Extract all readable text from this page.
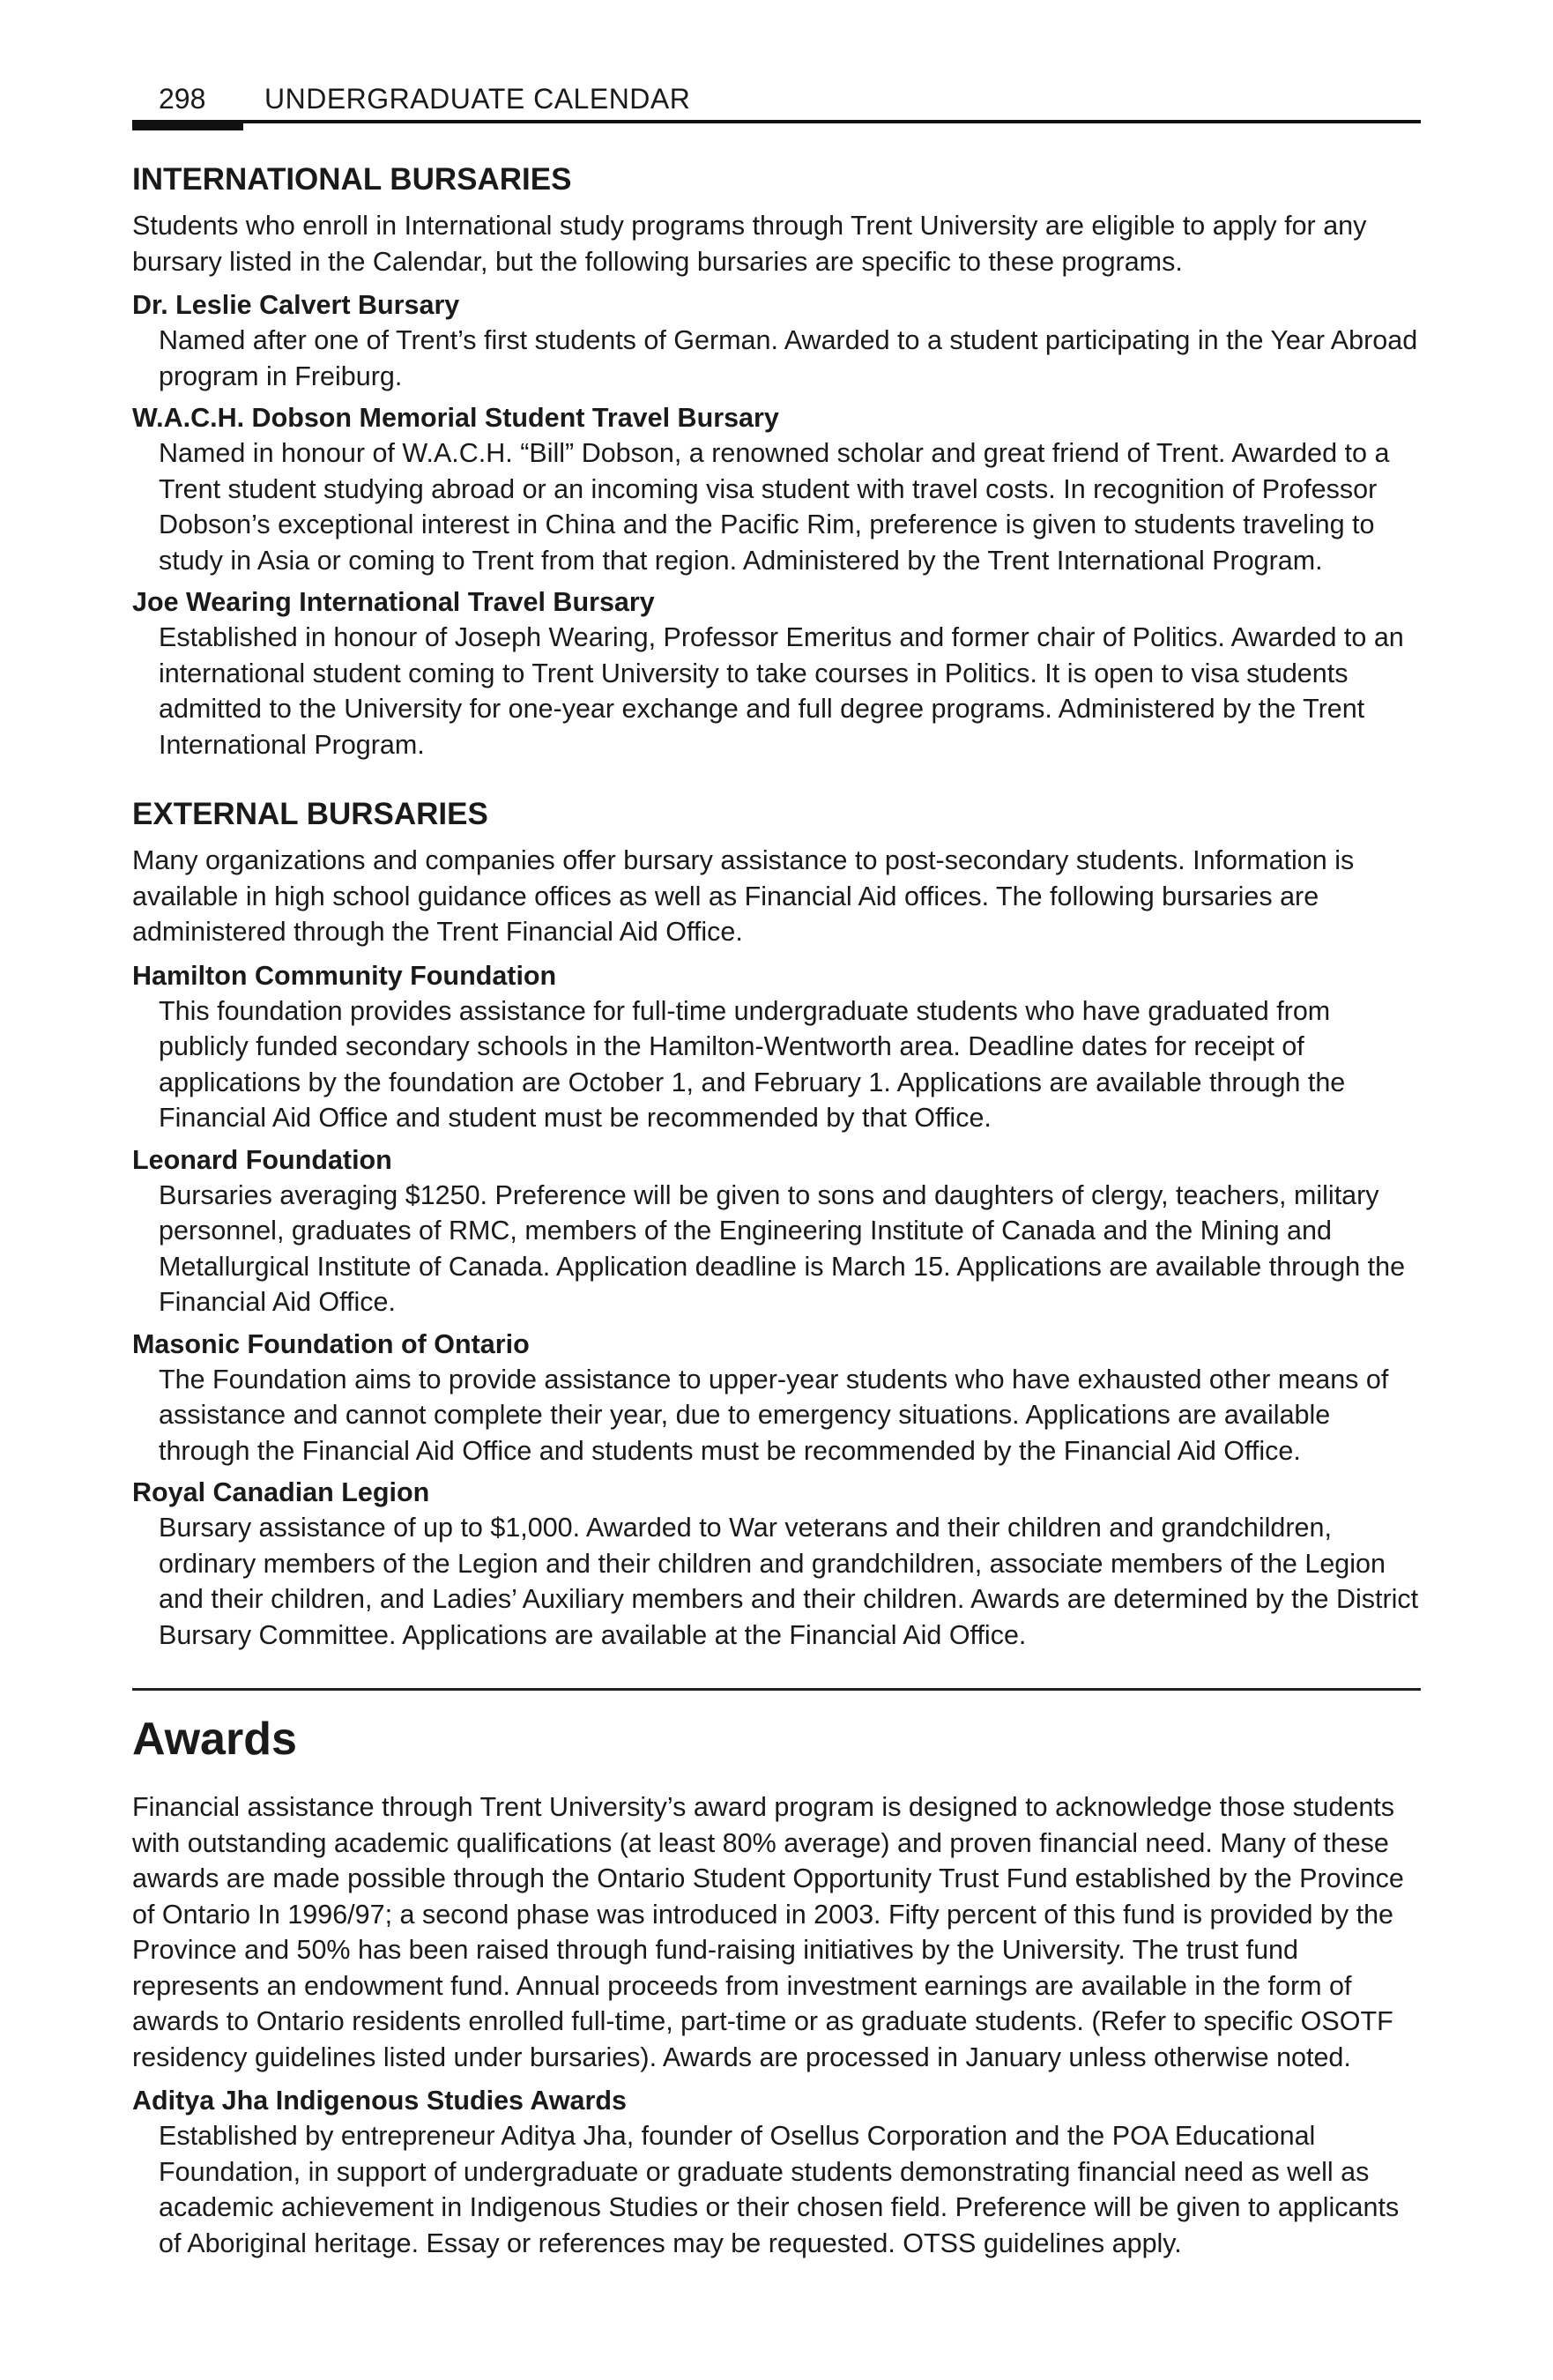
298 UNDERGRADUATE CALENDAR
INTERNATIONAL BURSARIES

Students who enroll in International study programs through Trent University are eligible to apply for any bursary listed in the Calendar, but the following bursaries are specific to these programs.

Dr. Leslie Calvert Bursary

Named after one of Trent’s first students of German. Awarded to a student participating in the Year Abroad program in Freiburg.

W.A.C.H. Dobson Memorial Student Travel Bursary

Named in honour of W.A.C.H. “Bill” Dobson, a renowned scholar and great friend of Trent. Awarded to a Trent student studying abroad or an incoming visa student with travel costs. In recognition of Professor Dobson’s exceptional interest in China and the Pacific Rim, preference is given to students traveling to study in Asia or coming to Trent from that region. Administered by the Trent International Program.

Joe Wearing International Travel Bursary

Established in honour of Joseph Wearing, Professor Emeritus and former chair of Politics. Awarded to an international student coming to Trent University to take courses in Politics. It is open to visa students admitted to the University for one-year exchange and full degree programs. Administered by the Trent International Program.

EXTERNAL BURSARIES

Many organizations and companies offer bursary assistance to post-secondary students. Information is available in high school guidance offices as well as Financial Aid offices. The following bursaries are administered through the Trent Financial Aid Office.

Hamilton Community Foundation

This foundation provides assistance for full-time undergraduate students who have graduated from publicly funded secondary schools in the Hamilton-Wentworth area. Deadline dates for receipt of applications by the foundation are October 1, and February 1. Applications are available through the Financial Aid Office and student must be recommended by that Office.

Leonard Foundation

Bursaries averaging $1250. Preference will be given to sons and daughters of clergy, teachers, military personnel, graduates of RMC, members of the Engineering Institute of Canada and the Mining and Metallurgical Institute of Canada. Application deadline is March 15. Applications are available through the Financial Aid Office.

Masonic Foundation of Ontario

The Foundation aims to provide assistance to upper-year students who have exhausted other means of assistance and cannot complete their year, due to emergency situations. Applications are available through the Financial Aid Office and students must be recommended by the Financial Aid Office.

Royal Canadian Legion

Bursary assistance of up to $1,000. Awarded to War veterans and their children and grandchildren, ordinary members of the Legion and their children and grandchildren, associate members of the Legion and their children, and Ladies’ Auxiliary members and their children. Awards are determined by the District Bursary Committee. Applications are available at the Financial Aid Office.

Awards

Financial assistance through Trent University’s award program is designed to acknowledge those students with outstanding academic qualifications (at least 80% average) and proven financial need. Many of these awards are made possible through the Ontario Student Opportunity Trust Fund established by the Province of Ontario In 1996/97; a second phase was introduced in 2003. Fifty percent of this fund is provided by the Province and 50% has been raised through fund-raising initiatives by the University. The trust fund represents an endowment fund. Annual proceeds from investment earnings are available in the form of awards to Ontario residents enrolled full-time, part-time or as graduate students. (Refer to specific OSOTF residency guidelines listed under bursaries). Awards are processed in January unless otherwise noted.

Aditya Jha Indigenous Studies Awards

Established by entrepreneur Aditya Jha, founder of Osellus Corporation and the POA Educational Foundation, in support of undergraduate or graduate students demonstrating financial need as well as academic achievement in Indigenous Studies or their chosen field. Preference will be given to applicants of Aboriginal heritage. Essay or references may be requested. OTSS guidelines apply.
